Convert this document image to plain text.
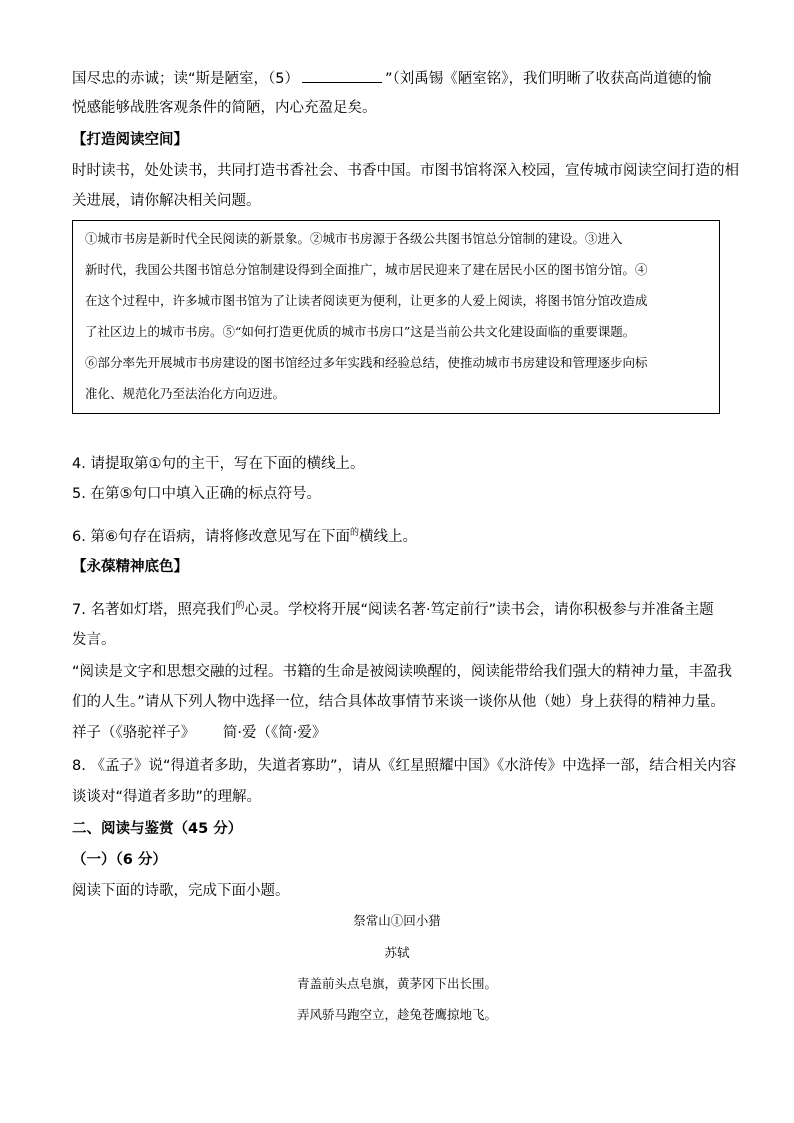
国尽忠的赤诚；读“斯是陋室，（5）	”（刘禹锡《陋室铭》，我们明晰了收获高尚道德的愉
悦感能够战胜客观条件的简陋，内心充盈足矣。
【打造阅读空间】
时时读书，处处读书，共同打造书香社会、书香中国。市图书馆将深入校园，宣传城市阅读空间打造的相
关进展，请你解决相关问题。
①城市书房是新时代全民阅读的新景象。②城市书房源于各级公共图书馆总分馆制的建设。③进入
新时代，我国公共图书馆总分馆制建设得到全面推广，城市居民迎来了建在居民小区的图书馆分馆。④
在这个过程中，许多城市图书馆为了让读者阅读更为便利，让更多的人爱上阅读，将图书馆分馆改造成
了社区边上的城市书房。⑤“如何打造更优质的城市书房口”这是当前公共文化建设面临的重要课题。
⑥部分率先开展城市书房建设的图书馆经过多年实践和经验总结，使推动城市书房建设和管理逐步向标
准化、规范化乃至法治化方向迈进。
4. 请提取第①句的主干，写在下面的横线上。
5. 在第⑤句口中填入正确的标点符号。
6. 第⑥句存在语病，请将修改意见写在下面$^的$横线上。
【永葆精神底色】
7. 名著如灯塔，照亮我们$^的$心灵。学校将开展“阅读名著·笃定前行”读书会，请你积极参与并准备主题
发言。
“阅读是文字和思想交融的过程。书籍的生命是被阅读唤醒的，阅读能带给我们强大的精神力量，丰盈我
们的人生。”请从下列人物中选择一位，结合具体故事情节来谈一谈你从他（她）身上获得的精神力量。
祥子（《骆驼祥子》      简·爱（《简·爱》
8. 《孟子》说“得道者多助，失道者寡助”，请从《红星照耀中国》《水浒传》中选择一部，结合相关内容
谈谈对“得道者多助”的理解。
二、阅读与鉴赏（45 分）
（一）（6 分）
阅读下面的诗歌，完成下面小题。
祭常山①回小猎
苏轼
青盖前头点皂旗，黄茅冈下出长围。
弄风骄马跑空立，趁兔苍鹰掠地飞。
